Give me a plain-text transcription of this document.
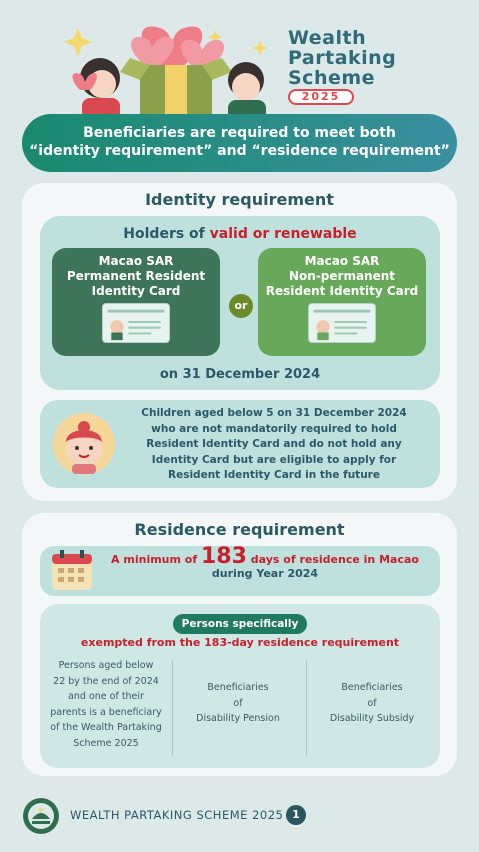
Wealth
Partaking
Scheme
2025
Beneficiaries are required to meet both
“identity requirement” and “residence requirement”
Identity requirement
Holders of valid or renewable
Macao SAR
Permanent Resident
Identity Card
or
Macao SAR
Non-permanent
Resident Identity Card
on 31 December 2024
Children aged below 5 on 31 December 2024
who are not mandatorily required to hold
Resident Identity Card and do not hold any
Identity Card but are eligible to apply for
Resident Identity Card in the future
Residence requirement
A minimum of 183 days of residence in Macao
during Year 2024
Persons specifically
exempted from the 183-day residence requirement
Persons aged below
22 by the end of 2024
and one of their
parents is a beneficiary
of the Wealth Partaking
Scheme 2025
Beneficiaries
of
Disability Pension
Beneficiaries
of
Disability Subsidy
WEALTH PARTAKING SCHEME 2025 1
